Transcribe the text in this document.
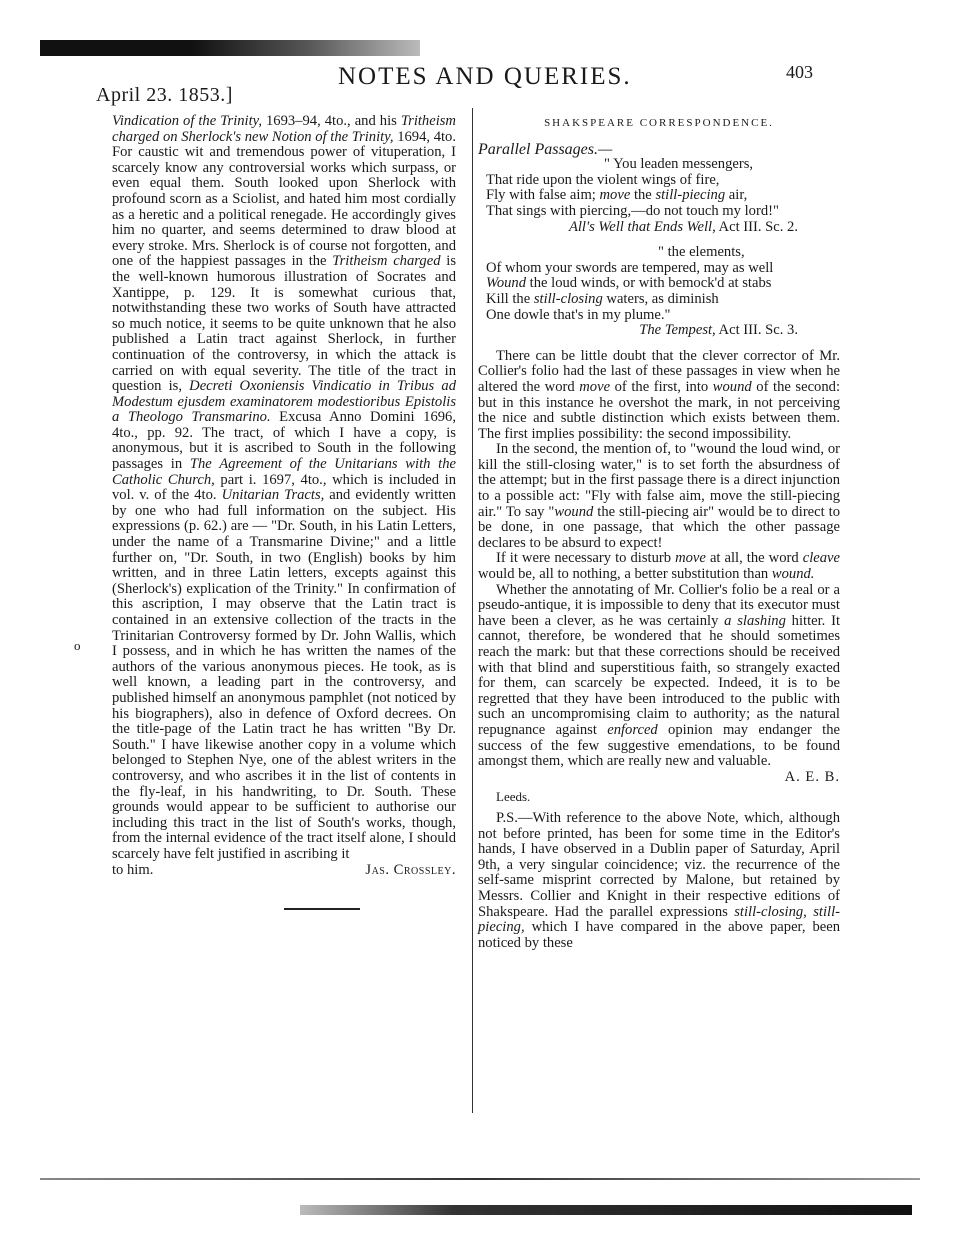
April 23. 1853.]
NOTES AND QUERIES.	403
o

Vindication of the Trinity, 1693–94, 4to., and his Tritheism charged on Sherlock's new Notion of the Trinity, 1694, 4to. For caustic wit and tremendous power of vituperation, I scarcely know any controversial works which surpass, or even equal them. South looked upon Sherlock with profound scorn as a Sciolist, and hated him most cordially as a heretic and a political renegade. He accordingly gives him no quarter, and seems determined to draw blood at every stroke. Mrs. Sherlock is of course not forgotten, and one of the happiest passages in the Tritheism charged is the well-known humorous illustration of Socrates and Xantippe, p. 129. It is somewhat curious that, notwithstanding these two works of South have attracted so much notice, it seems to be quite unknown that he also published a Latin tract against Sherlock, in further continuation of the controversy, in which the attack is carried on with equal severity. The title of the tract in question is, Decreti Oxoniensis Vindicatio in Tribus ad Modestum ejusdem examinatorem modestioribus Epistolis a Theologo Transmarino. Excusa Anno Domini 1696, 4to., pp. 92. The tract, of which I have a copy, is anonymous, but it is ascribed to South in the following passages in The Agreement of the Unitarians with the Catholic Church, part i. 1697, 4to., which is included in vol. v. of the 4to. Unitarian Tracts, and evidently written by one who had full information on the subject. His expressions (p. 62.) are — "Dr. South, in his Latin Letters, under the name of a Transmarine Divine;" and a little further on, "Dr. South, in two (English) books by him written, and in three Latin letters, excepts against this (Sherlock's) explication of the Trinity." In confirmation of this ascription, I may observe that the Latin tract is contained in an extensive collection of the tracts in the Trinitarian Controversy formed by Dr. John Wallis, which I possess, and in which he has written the names of the authors of the various anonymous pieces. He took, as is well known, a leading part in the controversy, and published himself an anonymous pamphlet (not noticed by his biographers), also in defence of Oxford decrees. On the title-page of the Latin tract he has written "By Dr. South." I have likewise another copy in a volume which belonged to Stephen Nye, one of the ablest writers in the controversy, and who ascribes it in the list of contents in the fly-leaf, in his handwriting, to Dr. South. These grounds would appear to be sufficient to authorise our including this tract in the list of South's works, though, from the internal evidence of the tract itself alone, I should scarcely have felt justified in ascribing it

to him.	Jas. Crossley.
SHAKSPEARE CORRESPONDENCE.
Parallel Passages.—
" You leaden messengers,
That ride upon the violent wings of fire,
Fly with false aim; move the still-piecing air,
That sings with piercing,—do not touch my lord!"
All's Well that Ends Well, Act III. Sc. 2.
" the elements,
Of whom your swords are tempered, may as well
Wound the loud winds, or with bemock'd at stabs
Kill the still-closing waters, as diminish
One dowle that's in my plume."
The Tempest, Act III. Sc. 3.

There can be little doubt that the clever corrector of Mr. Collier's folio had the last of these passages in view when he altered the word move of the first, into wound of the second: but in this instance he overshot the mark, in not perceiving the nice and subtle distinction which exists between them. The first implies possibility: the second impossibility.

In the second, the mention of, to "wound the loud wind, or kill the still-closing water," is to set forth the absurdness of the attempt; but in the first passage there is a direct injunction to a possible act: "Fly with false aim, move the still-piecing air." To say "wound the still-piecing air" would be to direct to be done, in one passage, that which the other passage declares to be absurd to expect!

If it were necessary to disturb move at all, the word cleave would be, all to nothing, a better substitution than wound.

Whether the annotating of Mr. Collier's folio be a real or a pseudo-antique, it is impossible to deny that its executor must have been a clever, as he was certainly a slashing hitter. It cannot, therefore, be wondered that he should sometimes reach the mark: but that these corrections should be received with that blind and superstitious faith, so strangely exacted for them, can scarcely be expected. Indeed, it is to be regretted that they have been introduced to the public with such an uncompromising claim to authority; as the natural repugnance against enforced opinion may endanger the success of the few suggestive emendations, to be found amongst them, which are really new and valuable.

A. E. B.
Leeds.

P.S.—With reference to the above Note, which, although not before printed, has been for some time in the Editor's hands, I have observed in a Dublin paper of Saturday, April 9th, a very singular coincidence; viz. the recurrence of the self-same misprint corrected by Malone, but retained by Messrs. Collier and Knight in their respective editions of Shakspeare. Had the parallel expressions still-closing, still-piecing, which I have compared in the above paper, been noticed by these
